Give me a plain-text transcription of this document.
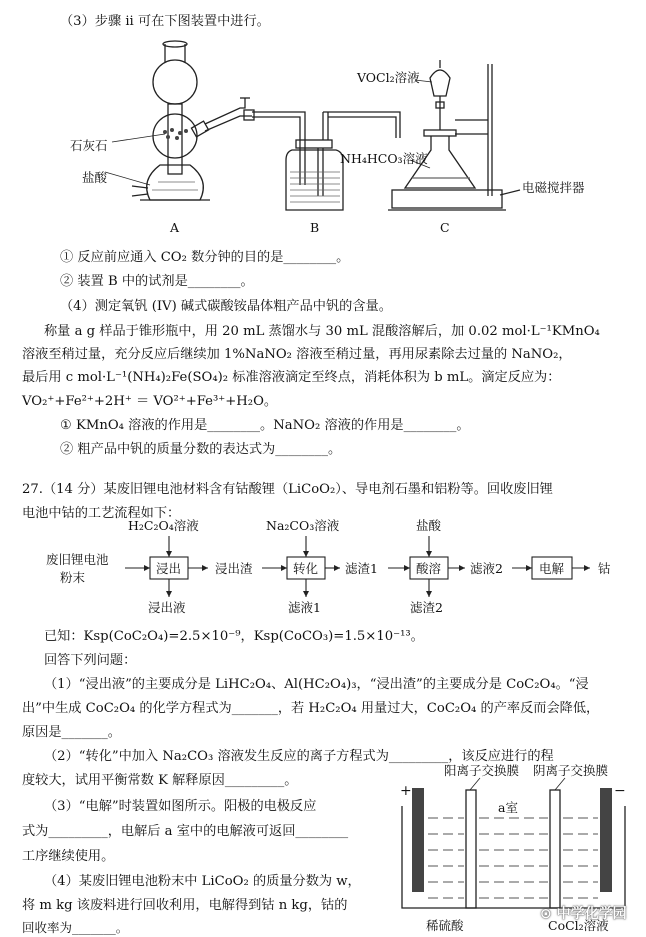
（3）步骤 ii 可在下图装置中进行。
VOCl₂溶液
石灰石
NH₄HCO₃溶液
盐酸
电磁搅拌器
A	B	C
① 反应前应通入 CO₂ 数分钟的目的是________。
② 装置 B 中的试剂是________。
（4）测定氧钒 (IV) 碱式碳酸铵晶体粗产品中钒的含量。
称量 a g 样品于锥形瓶中，用 20 mL 蒸馏水与 30 mL 混酸溶解后，加 0.02 mol·L⁻¹KMnO₄
溶液至稍过量，充分反应后继续加 1%NaNO₂ 溶液至稍过量，再用尿素除去过量的 NaNO₂，
最后用 c mol·L⁻¹(NH₄)₂Fe(SO₄)₂ 标准溶液滴定至终点，消耗体积为 b mL。滴定反应为：
VO₂⁺+Fe²⁺+2H⁺ ＝ VO²⁺+Fe³⁺+H₂O。
① KMnO₄ 溶液的作用是________。NaNO₂ 溶液的作用是________。
② 粗产品中钒的质量分数的表达式为________。
27.（14 分）某废旧锂电池材料含有钴酸锂（LiCoO₂）、导电剂石墨和铝粉等。回收废旧锂
电池中钴的工艺流程如下：
H₂C₂O₄溶液	Na₂CO₃溶液	盐酸
废旧锂电池
粉末
浸出	浸出渣	转化 滤渣1	酸溶 滤液2	电解	钴
浸出液	滤液1	滤渣2
已知：Ksp(CoC₂O₄)=2.5×10⁻⁹，Ksp(CoCO₃)=1.5×10⁻¹³。
回答下列问题：
（1）“浸出液”的主要成分是 LiHC₂O₄、Al(HC₂O₄)₃，“浸出渣”的主要成分是 CoC₂O₄。“浸
出”中生成 CoC₂O₄ 的化学方程式为_______，若 H₂C₂O₄ 用量过大，CoC₂O₄ 的产率反而会降低，
原因是_______。
（2）“转化”中加入 Na₂CO₃ 溶液发生反应的离子方程式为_________，该反应进行的程
度较大，试用平衡常数 K 解释原因_________。
（3）“电解”时装置如图所示。阳极的电极反应
式为_________，电解后 a 室中的电解液可返回________
工序继续使用。
（4）某废旧锂电池粉末中 LiCoO₂ 的质量分数为 w，
将 m kg 该废料进行回收利用，电解得到钴 n kg，钴的
回收率为_______。
阳离子交换膜 阴离子交换膜
+	−
a室
稀硫酸	CoCl₂溶液
⊙ 中学化学园
